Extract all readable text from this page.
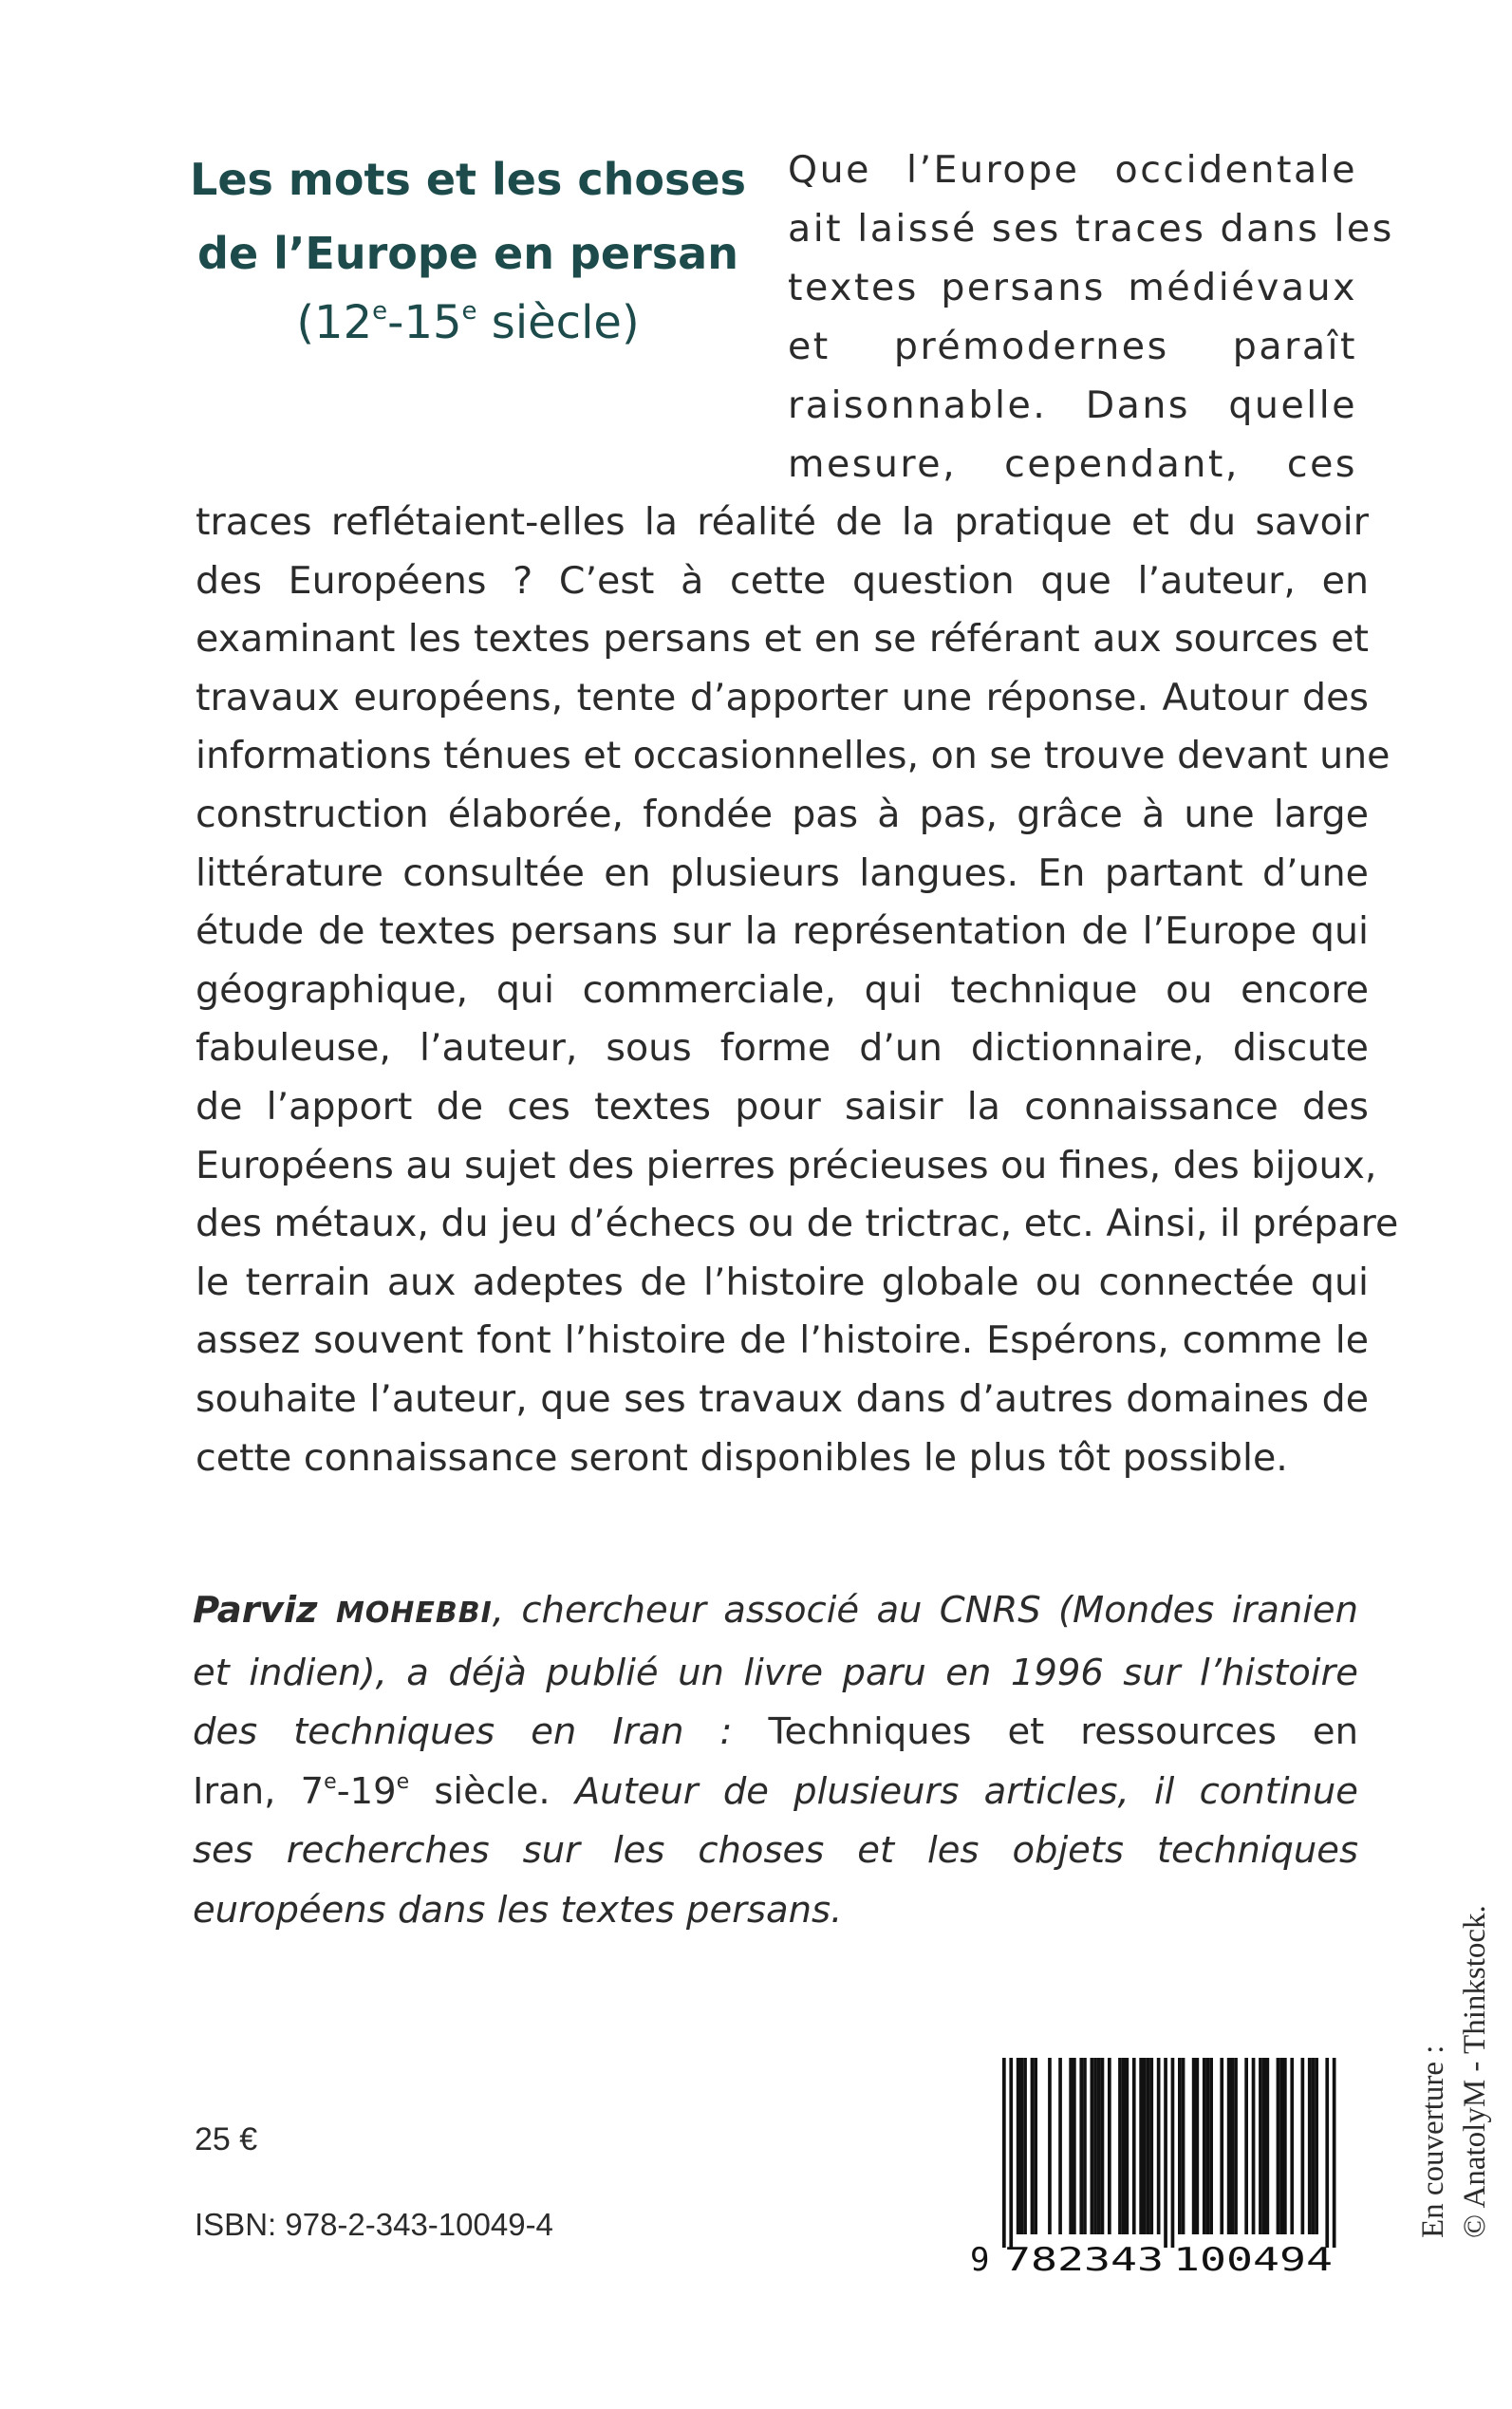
Les mots et les choses
de l’Europe en persan
(12e-15e siècle)
Que l’Europe occidentale
ait laissé ses traces dans les
textes persans médiévaux
et prémodernes paraît
raisonnable. Dans quelle
mesure, cependant, ces
traces reflétaient-elles la réalité de la pratique et du savoir
des Européens ? C’est à cette question que l’auteur, en
examinant les textes persans et en se référant aux sources et
travaux européens, tente d’apporter une réponse. Autour des
informations ténues et occasionnelles, on se trouve devant une
construction élaborée, fondée pas à pas, grâce à une large
littérature consultée en plusieurs langues. En partant d’une
étude de textes persans sur la représentation de l’Europe qui
géographique, qui commerciale, qui technique ou encore
fabuleuse, l’auteur, sous forme d’un dictionnaire, discute
de l’apport de ces textes pour saisir la connaissance des
Européens au sujet des pierres précieuses ou fines, des bijoux,
des métaux, du jeu d’échecs ou de trictrac, etc. Ainsi, il prépare
le terrain aux adeptes de l’histoire globale ou connectée qui
assez souvent font l’histoire de l’histoire. Espérons, comme le
souhaite l’auteur, que ses travaux dans d’autres domaines de
cette connaissance seront disponibles le plus tôt possible.
Parviz MOHEBBI, chercheur associé au CNRS (Mondes iranien
et indien), a déjà publié un livre paru en 1996 sur l’histoire
des techniques en Iran : Techniques et ressources en
Iran, 7e-19e siècle. Auteur de plusieurs articles, il continue
ses recherches sur les choses et les objets techniques
européens dans les textes persans.
25 €
ISBN: 978-2-343-10049-4
9 782343 100494
En couverture : © AnatolyM - Thinkstock.
